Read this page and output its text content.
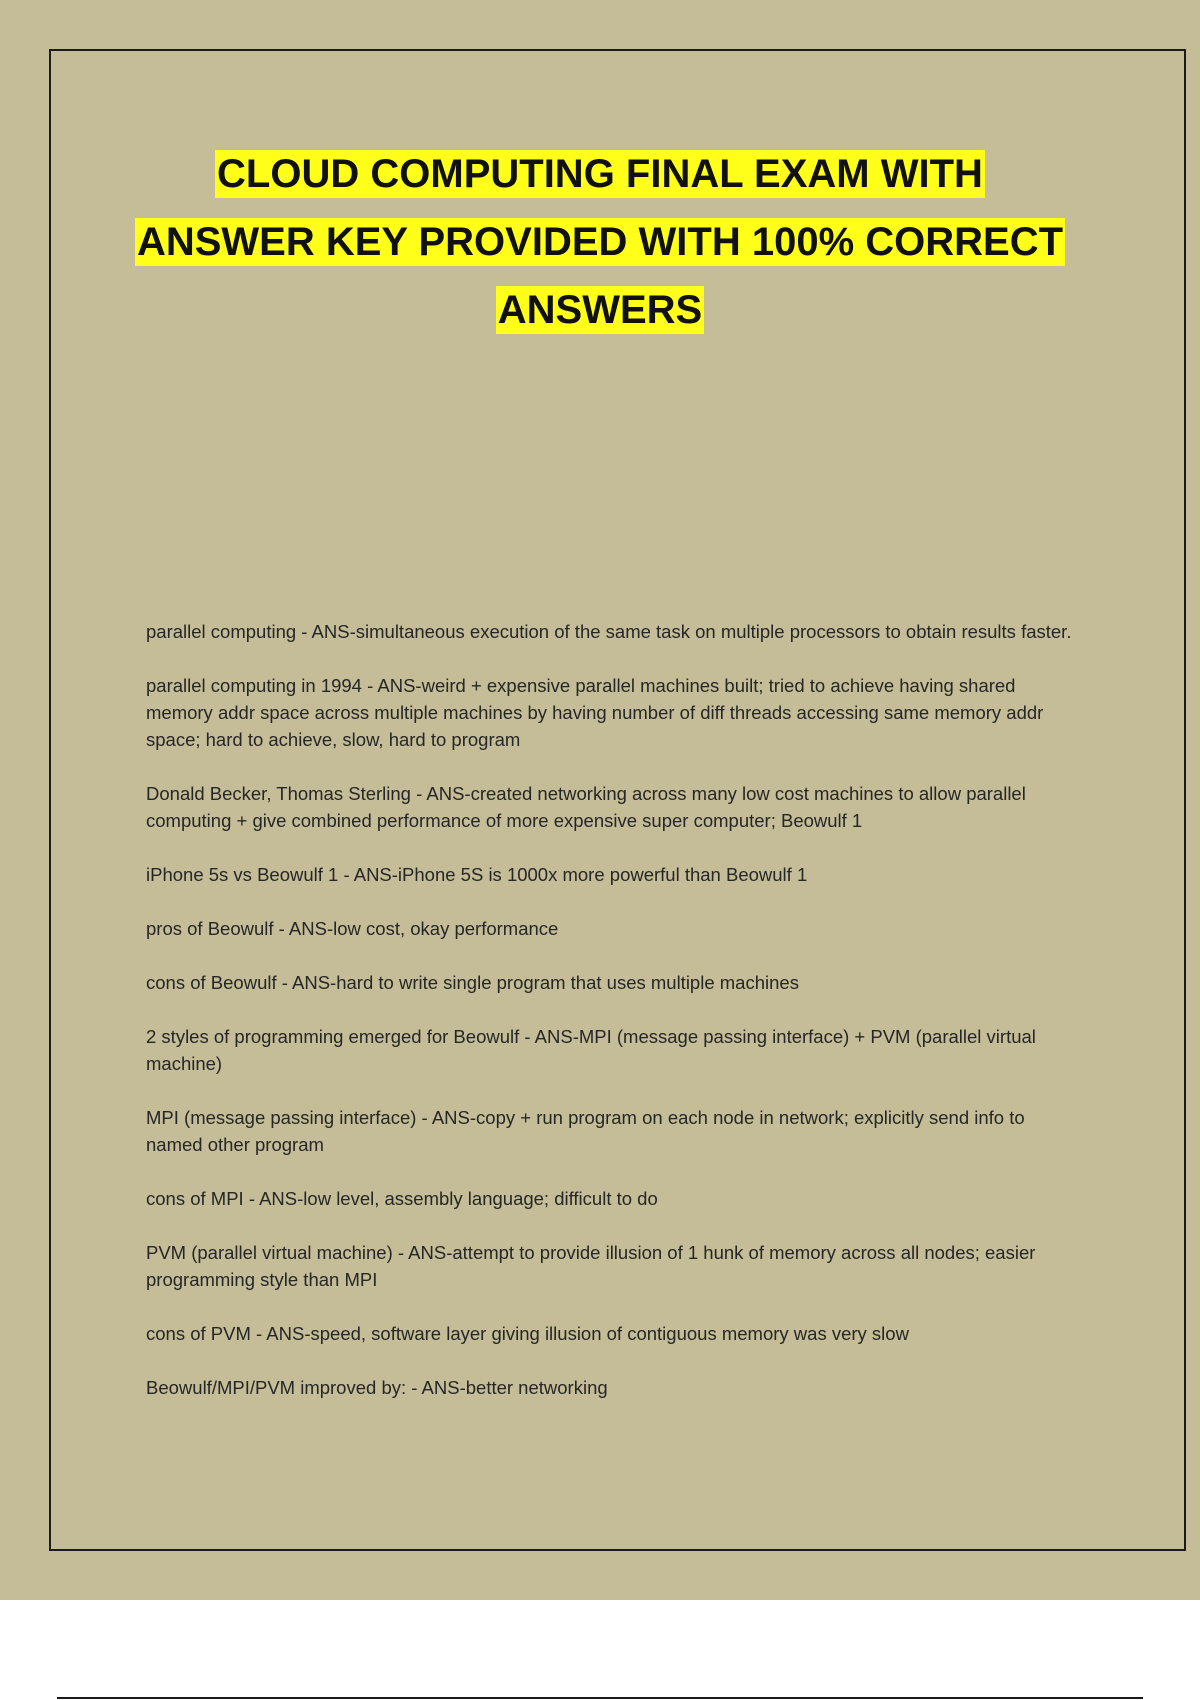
CLOUD COMPUTING FINAL EXAM WITH
ANSWER KEY PROVIDED WITH 100% CORRECT
ANSWERS

parallel computing - ANS-simultaneous execution of the same task on multiple processors to obtain results faster.

parallel computing in 1994 - ANS-weird + expensive parallel machines built; tried to achieve having shared memory addr space across multiple machines by having number of diff threads accessing same memory addr space; hard to achieve, slow, hard to program

Donald Becker, Thomas Sterling - ANS-created networking across many low cost machines to allow parallel computing + give combined performance of more expensive super computer; Beowulf 1

iPhone 5s vs Beowulf 1 - ANS-iPhone 5S is 1000x more powerful than Beowulf 1

pros of Beowulf - ANS-low cost, okay performance

cons of Beowulf - ANS-hard to write single program that uses multiple machines

2 styles of programming emerged for Beowulf - ANS-MPI (message passing interface) + PVM (parallel virtual machine)

MPI (message passing interface) - ANS-copy + run program on each node in network; explicitly send info to named other program

cons of MPI - ANS-low level, assembly language; difficult to do

PVM (parallel virtual machine) - ANS-attempt to provide illusion of 1 hunk of memory across all nodes; easier programming style than MPI

cons of PVM - ANS-speed, software layer giving illusion of contiguous memory was very slow

Beowulf/MPI/PVM improved by: - ANS-better networking
